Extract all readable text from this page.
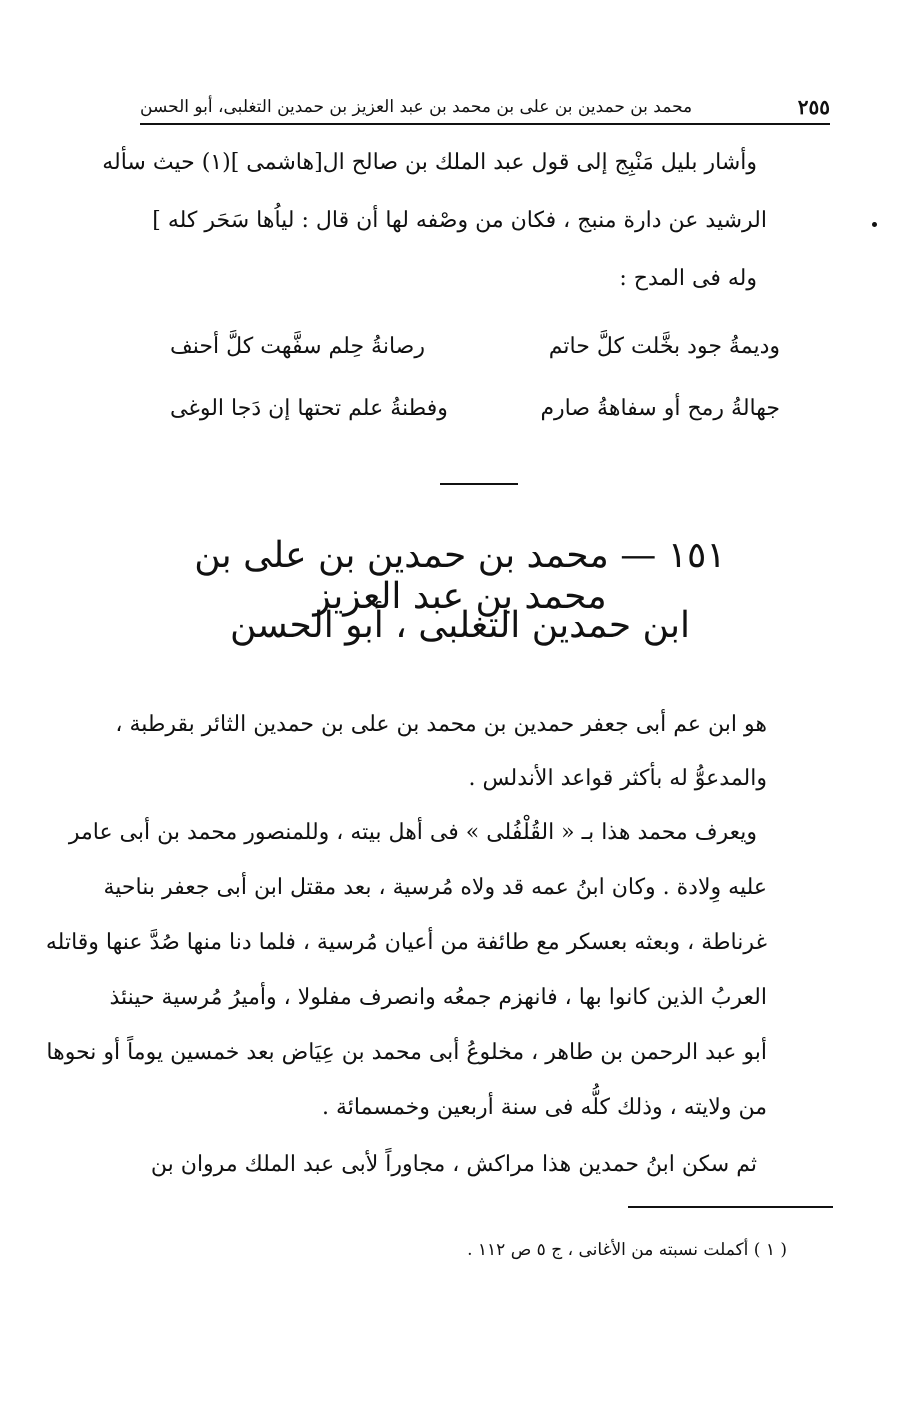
محمد بن حمدين بن على بن محمد بن عبد العزيز بن حمدين التغلبى، أبو الحسن	٢٥٥
وأشار بليل مَنْبِج إلى قول عبد الملك بن صالح ال[هاشمى ](١) حيث سأله
الرشيد عن دارة منبج ، فكان من وصْفه لها أن قال : لياُها سَحَر كله ]
وله فى المدح :
رصانةُ حِلم سفَّهت كلَّ أحنف	وديمةُ جود بخَّلت كلَّ حاتم
وفطنةُ علم تحتها إن دَجا الوغى	جهالةُ رمح أو سفاهةُ صارم
١٥١ — محمد بن حمدين بن على بن محمد بن عبد العزيز
ابن حمدين التغلبى ، أبو الحسن
هو ابن عم أبى جعفر حمدين بن محمد بن على بن حمدين الثائر بقرطبة ،
والمدعوُّ له بأكثر قواعد الأندلس .
ويعرف محمد هذا بـ « القُلْفُلى » فى أهل بيته ، وللمنصور محمد بن أبى عامر
عليه وِلادة . وكان ابنُ عمه قد ولاه مُرسية ، بعد مقتل ابن أبى جعفر بناحية
غرناطة ، وبعثه بعسكر مع طائفة من أعيان مُرسية ، فلما دنا منها صُدَّ عنها وقاتله
العربُ الذين كانوا بها ، فانهزم جمعُه وانصرف مفلولا ، وأميرُ مُرسية حينئذ
أبو عبد الرحمن بن طاهر ، مخلوعُ أبى محمد بن عِيَاض بعد خمسين يوماً أو نحوها
من ولايته ، وذلك كلُّه فى سنة أربعين وخمسمائة .
ثم سكن ابنُ حمدين هذا مراكش ، مجاوراً لأبى عبد الملك مروان بن
( ١ ) أكملت نسبته من الأغانى ، ج ٥ ص ١١٢ .
